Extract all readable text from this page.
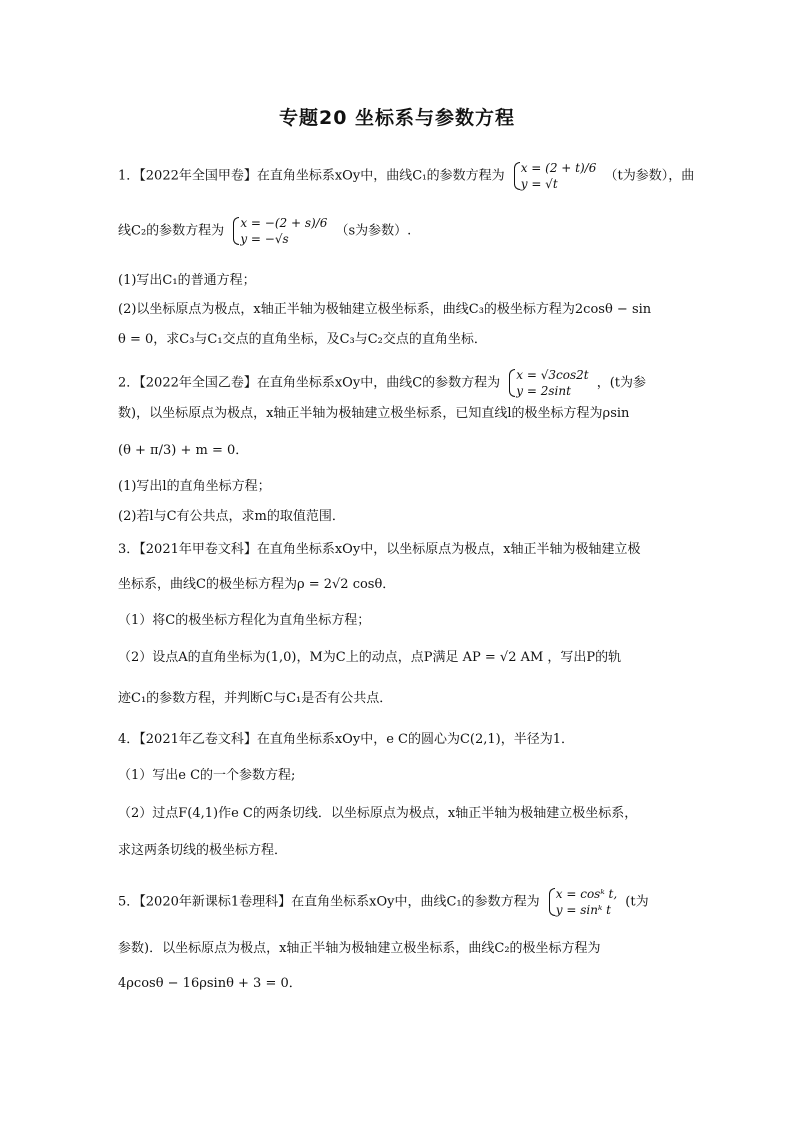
专题20 坐标系与参数方程
1．【2022年全国甲卷】在直角坐标系xOy中，曲线C₁的参数方程为
x = (2 + t)/6
y = √t
（t为参数），曲
线C₂的参数方程为
x = −(2 + s)/6
y = −√s
（s为参数）.
(1)写出C₁的普通方程；
(2)以坐标原点为极点，x轴正半轴为极轴建立极坐标系，曲线C₃的极坐标方程为2cosθ − sin
θ = 0，求C₃与C₁交点的直角坐标，及C₃与C₂交点的直角坐标．
2．【2022年全国乙卷】在直角坐标系xOy中，曲线C的参数方程为
x = √3cos2t
y = 2sint
，(t为参
数)，以坐标原点为极点，x轴正半轴为极轴建立极坐标系，已知直线l的极坐标方程为ρsin
(θ + π/3) + m = 0．
(1)写出l的直角坐标方程；
(2)若l与C有公共点，求m的取值范围．
3．【2021年甲卷文科】在直角坐标系xOy中，以坐标原点为极点，x轴正半轴为极轴建立极
坐标系，曲线C的极坐标方程为ρ = 2√2 cosθ．
（1）将C的极坐标方程化为直角坐标方程；
（2）设点A的直角坐标为(1,0)，M为C上的动点，点P满足 AP = √2 AM ，写出P的轨
迹C₁的参数方程，并判断C与C₁是否有公共点．
4．【2021年乙卷文科】在直角坐标系xOy中，e C的圆心为C(2,1)，半径为1．
（1）写出e C的一个参数方程;
（2）过点F(4,1)作e C的两条切线．以坐标原点为极点，x轴正半轴为极轴建立极坐标系，
求这两条切线的极坐标方程．
5．【2020年新课标1卷理科】在直角坐标系xOy中，曲线C₁的参数方程为
x = cosᵏ t,
y = sinᵏ t
(t为
参数)．以坐标原点为极点，x轴正半轴为极轴建立极坐标系，曲线C₂的极坐标方程为
4ρcosθ − 16ρsinθ + 3 = 0．
